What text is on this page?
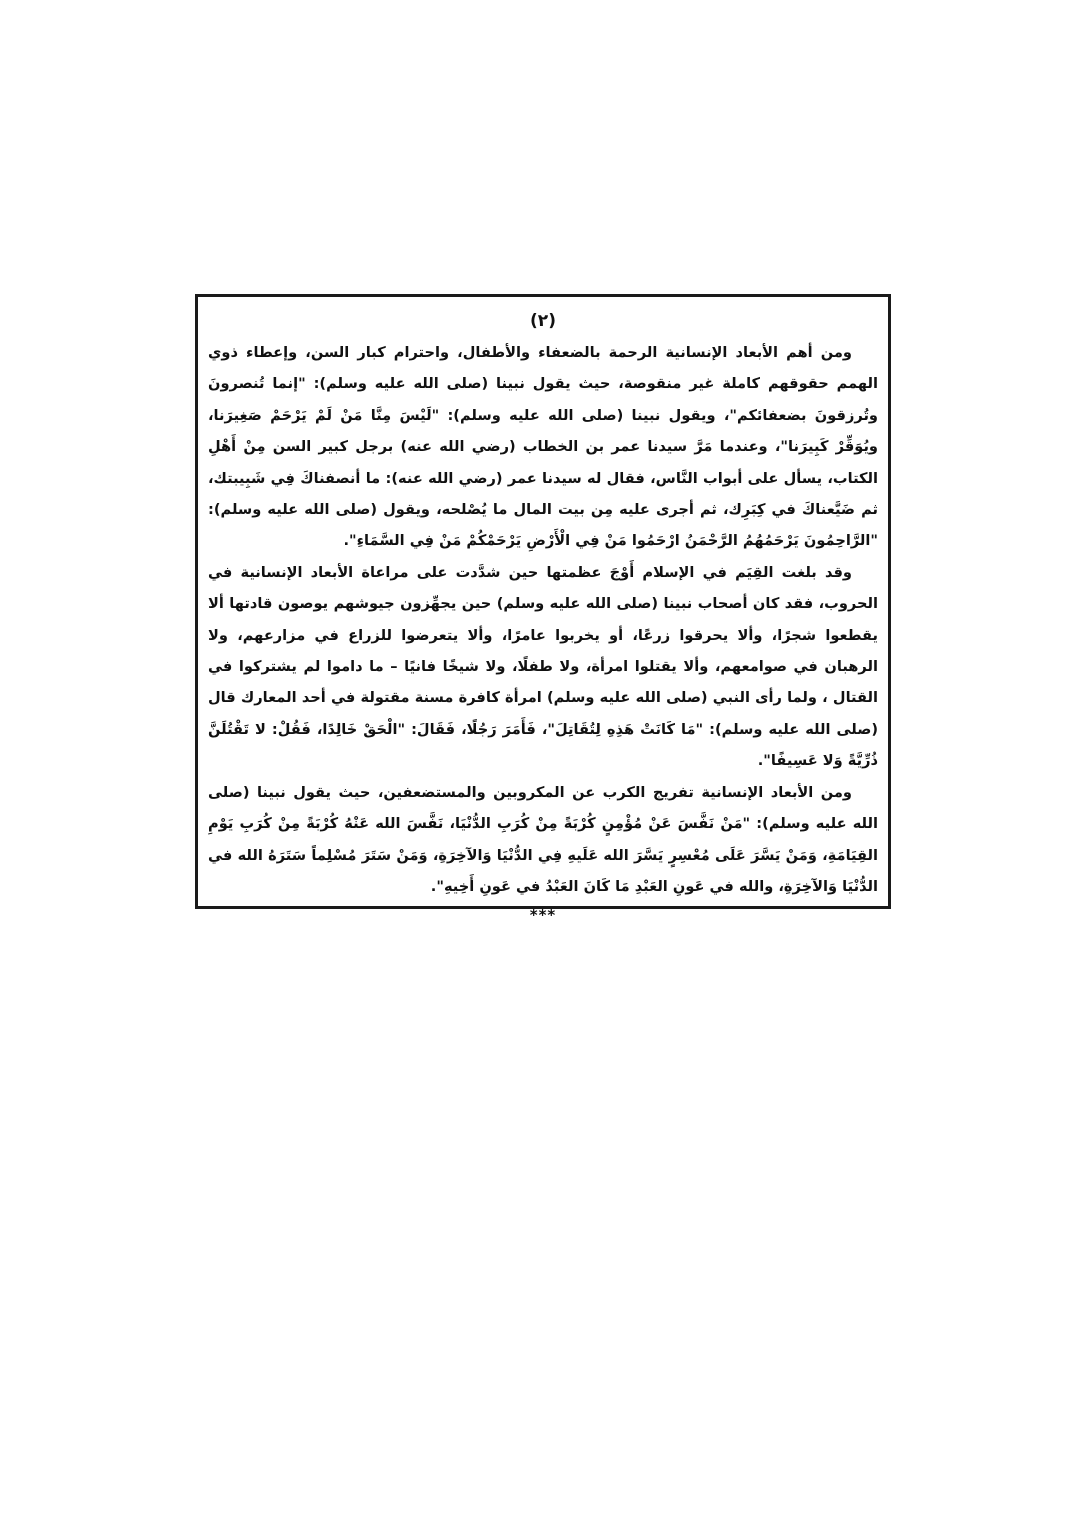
(٢)

ومن أهم الأبعاد الإنسانية الرحمة بالضعفاء والأطفال، واحترام كبار السن، وإعطاء ذوي الهمم حقوقهم كاملة غير منقوصة، حيث يقول نبينا (صلى الله عليه وسلم): "إنما تُنصرونَ وتُرزقونَ بضعفائكم"، ويقول نبينا (صلى الله عليه وسلم): "لَيْسَ مِنَّا مَنْ لَمْ يَرْحَمْ صَغِيرَنا، ويُوَقِّرْ كَبِيرَنا"، وعندما مَرَّ سيدنا عمر بن الخطاب (رضي الله عنه) برجل كبير السن مِنْ أَهْلِ الكتاب، يسأل على أبواب النَّاس، فقال له سيدنا عمر (رضي الله عنه): ما أنصفناكَ فِي شَبِيبتك، ثم ضَيَّعناكَ في كِبَرِك، ثم أجرى عليه مِن بيت المال ما يُصْلحه، ويقول (صلى الله عليه وسلم): "الرَّاحِمُونَ يَرْحَمُهُمُ الرَّحْمَنُ ارْحَمُوا مَنْ فِي الْأَرْضِ يَرْحَمْكُمْ مَنْ فِي السَّمَاءِ".

وقد بلغت القِيَم في الإسلام أَوْجَ عظمتها حين شدَّدت على مراعاة الأبعاد الإنسانية في الحروب، فقد كان أصحاب نبينا (صلى الله عليه وسلم) حين يجهِّزون جيوشهم يوصون قادتها ألا يقطعوا شجرًا، وألا يحرقوا زرعًا، أو يخربوا عامرًا، وألا يتعرضوا للزراع في مزارعهم، ولا الرهبان في صوامعهم، وألا يقتلوا امرأة، ولا طفلًا، ولا شيخًا فانيًا – ما داموا لم يشتركوا في القتال ، ولما رأى النبي (صلى الله عليه وسلم) امرأة كافرة مسنة مقتولة في أحد المعارك قال (صلى الله عليه وسلم): "مَا كَانَتْ هَذِهِ لِتُقَاتِلَ"، فَأَمَرَ رَجُلًا، فَقَالَ: "الْحَقْ خَالِدًا، فَقُلْ: لا تَقْتُلَنَّ ذُرِّيَّةً وَلا عَسِيفًا".

ومن الأبعاد الإنسانية تفريج الكرب عن المكروبين والمستضعفين، حيث يقول نبينا (صلى الله عليه وسلم): "مَنْ نَفَّسَ عَنْ مُؤْمِنٍ كُرْبَةً مِنْ كُرَبِ الدُّنْيَا، نَفَّسَ الله عَنْهُ كُرْبَةً مِنْ كُرَبِ يَوْمِ القِيَامَةِ، وَمَنْ يَسَّرَ عَلَى مُعْسِرٍ يَسَّرَ الله عَلَيهِ فِي الدُّنْيَا وَالآخِرَةِ، وَمَنْ سَتَرَ مُسْلِماً سَتَرَهُ الله في الدُّنْيَا وَالآخِرَةِ، والله في عَونِ العَبْدِ مَا كَانَ العَبْدُ في عَونِ أَخِيهِ".

***
